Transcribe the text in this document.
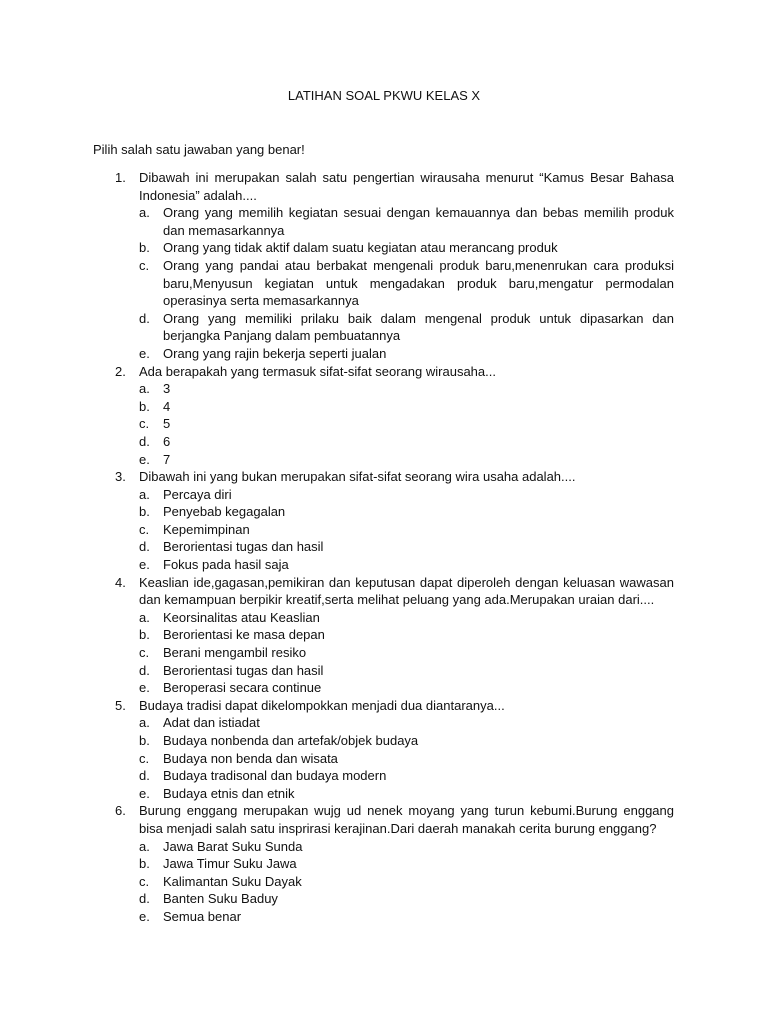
LATIHAN SOAL PKWU KELAS X
Pilih salah satu jawaban yang benar!
1. Dibawah ini merupakan salah satu pengertian wirausaha menurut “Kamus Besar Bahasa Indonesia” adalah....
a. Orang yang memilih kegiatan sesuai dengan kemauannya dan bebas memilih produk dan memasarkannya
b. Orang yang tidak aktif dalam suatu kegiatan atau merancang produk
c. Orang yang pandai atau berbakat mengenali produk baru,menenrukan cara produksi baru,Menyusun kegiatan untuk mengadakan produk baru,mengatur permodalan operasinya serta memasarkannya
d. Orang yang memiliki prilaku baik dalam mengenal produk untuk dipasarkan dan berjangka Panjang dalam pembuatannya
e. Orang yang rajin bekerja seperti jualan
2. Ada berapakah yang termasuk sifat-sifat seorang wirausaha...
a. 3
b. 4
c. 5
d. 6
e. 7
3. Dibawah ini yang bukan merupakan sifat-sifat seorang wira usaha adalah....
a. Percaya diri
b. Penyebab kegagalan
c. Kepemimpinan
d. Berorientasi tugas dan hasil
e. Fokus pada hasil saja
4. Keaslian ide,gagasan,pemikiran dan keputusan dapat diperoleh dengan keluasan wawasan dan kemampuan berpikir kreatif,serta melihat peluang yang ada.Merupakan uraian dari....
a. Keorsinalitas atau Keaslian
b. Berorientasi ke masa depan
c. Berani mengambil resiko
d. Berorientasi tugas dan hasil
e. Beroperasi secara continue
5. Budaya tradisi dapat dikelompokkan menjadi dua diantaranya...
a. Adat dan istiadat
b. Budaya nonbenda dan artefak/objek budaya
c. Budaya non benda dan wisata
d. Budaya tradisonal dan budaya modern
e. Budaya etnis dan etnik
6. Burung enggang merupakan wujg ud nenek moyang yang turun kebumi.Burung enggang bisa menjadi salah satu insprirasi kerajinan.Dari daerah manakah cerita burung enggang?
a. Jawa Barat Suku Sunda
b. Jawa Timur Suku Jawa
c. Kalimantan Suku Dayak
d. Banten Suku Baduy
e. Semua benar
